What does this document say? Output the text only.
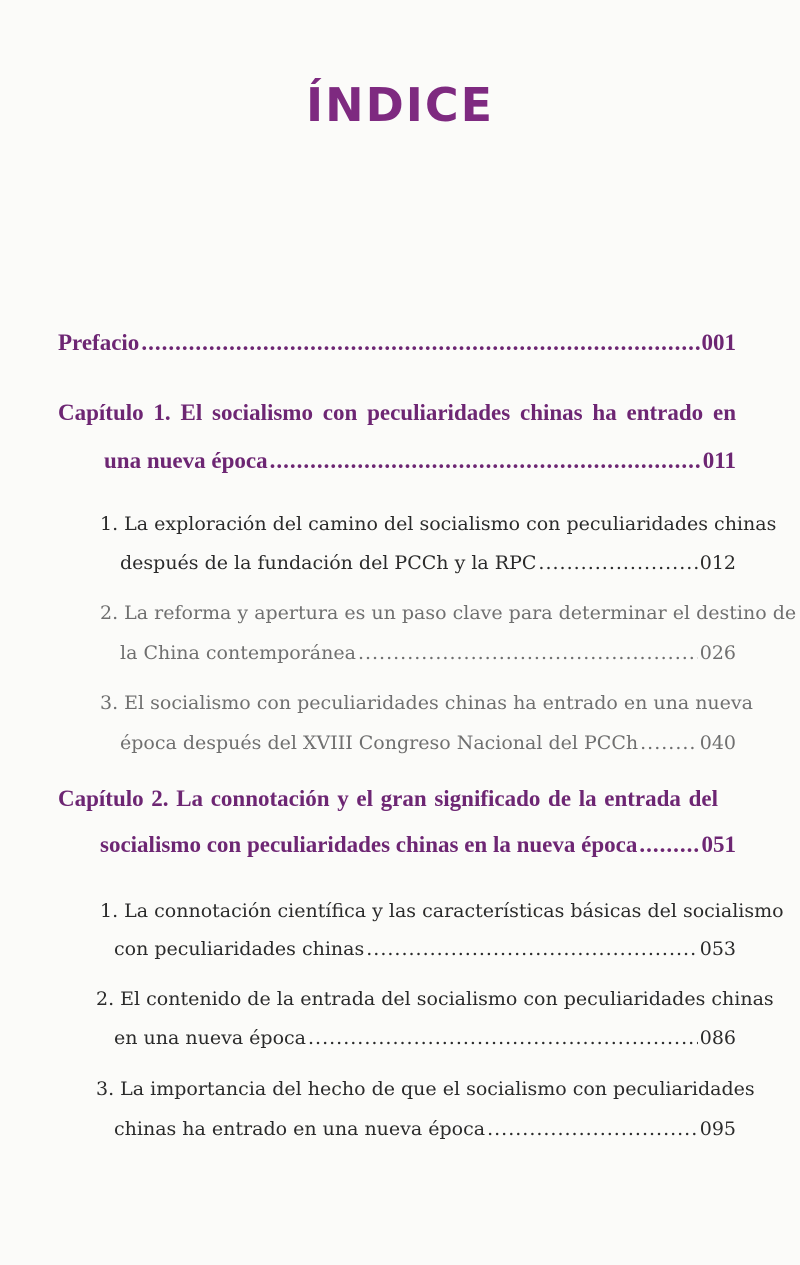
ÍNDICE
Prefacio .....	001
Capítulo 1. El socialismo con peculiaridades chinas ha entrado en
una nueva época .....	011
1. La exploración del camino del socialismo con peculiaridades chinas
después de la fundación del PCCh y la RPC .....	012
2. La reforma y apertura es un paso clave para determinar el destino de
la China contemporánea .....	026
3. El socialismo con peculiaridades chinas ha entrado en una nueva
época después del XVIII Congreso Nacional del PCCh .....	040
Capítulo 2. La connotación y el gran significado de la entrada del
socialismo con peculiaridades chinas en la nueva época .....	051
1. La connotación científica y las características básicas del socialismo
con peculiaridades chinas .....	053
2. El contenido de la entrada del socialismo con peculiaridades chinas
en una nueva época .....	086
3. La importancia del hecho de que el socialismo con peculiaridades
chinas ha entrado en una nueva época .....	095
